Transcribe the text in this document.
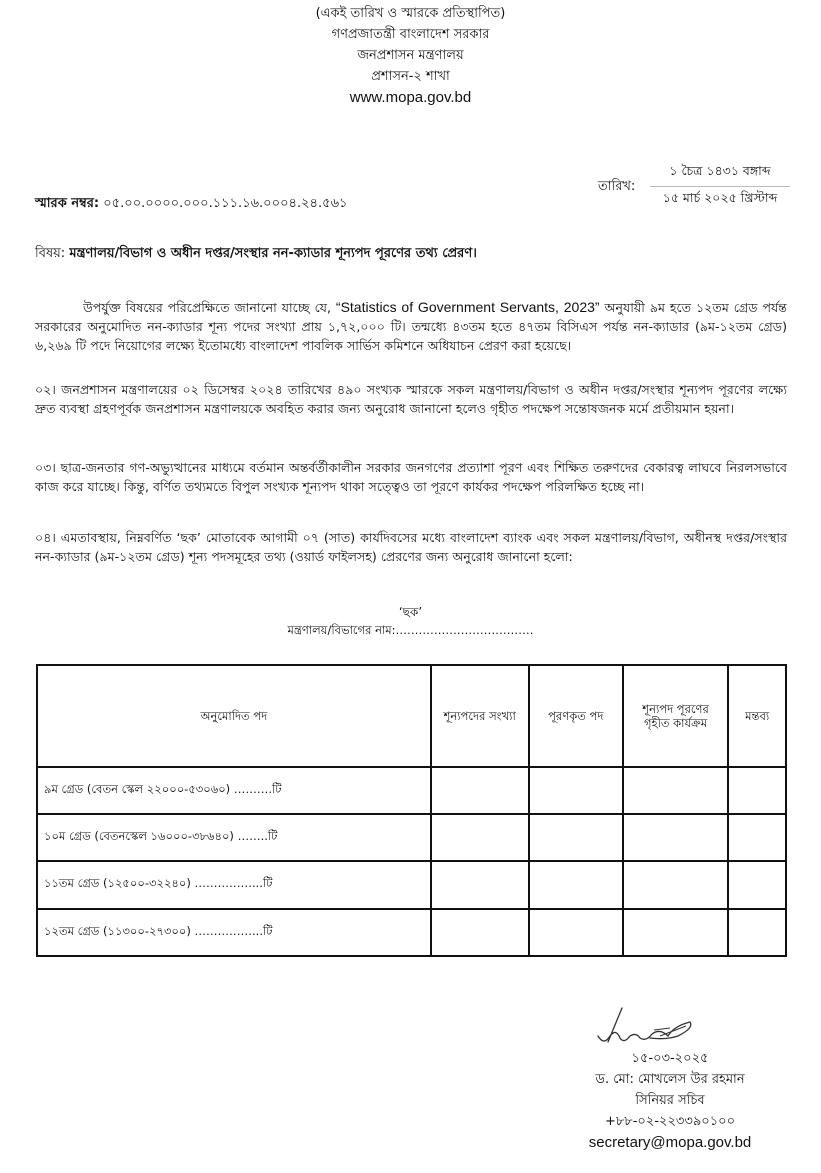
(একই তারিখ ও স্মারকে প্রতিস্থাপিত)
গণপ্রজাতন্ত্রী বাংলাদেশ সরকার
জনপ্রশাসন মন্ত্রণালয়
প্রশাসন-২ শাখা
www.mopa.gov.bd
স্মারক নম্বর: ০৫.০০.০০০০.০০০.১১১.১৬.০০০৪.২৪.৫৬১
তারিখ:
১ চৈত্র ১৪৩১ বঙ্গাব্দ
১৫ মার্চ ২০২৫ খ্রিস্টাব্দ
বিষয়: মন্ত্রণালয়/বিভাগ ও অধীন দপ্তর/সংস্থার নন-ক্যাডার শূন্যপদ পূরণের তথ্য প্রেরণ।
উপর্যুক্ত বিষয়ের পরিপ্রেক্ষিতে জানানো যাচ্ছে যে, “Statistics of Government Servants, 2023” অনুযায়ী ৯ম হতে ১২তম গ্রেড পর্যন্ত সরকারের অনুমোদিত নন-ক্যাডার শূন্য পদের সংখ্যা প্রায় ১,৭২,০০০ টি। তন্মধ্যে ৪৩তম হতে ৪৭তম বিসিএস পর্যন্ত নন-ক্যাডার (৯ম-১২তম গ্রেড) ৬,২৬৯ টি পদে নিয়োগের লক্ষ্যে ইতোমধ্যে বাংলাদেশ পাবলিক সার্ভিস কমিশনে অধিযাচন প্রেরণ করা হয়েছে।
০২। জনপ্রশাসন মন্ত্রণালয়ের ০২ ডিসেম্বর ২০২৪ তারিখের ৪৯০ সংখ্যক স্মারকে সকল মন্ত্রণালয়/বিভাগ ও অধীন দপ্তর/সংস্থার শূন্যপদ পূরণের লক্ষ্যে দ্রুত ব্যবস্থা গ্রহণপূর্বক জনপ্রশাসন মন্ত্রণালয়কে অবহিত করার জন্য অনুরোধ জানানো হলেও গৃহীত পদক্ষেপ সন্তোষজনক মর্মে প্রতীয়মান হয়না।
০৩। ছাত্র-জনতার গণ-অভ্যুত্থানের মাধ্যমে বর্তমান অন্তর্বর্তীকালীন সরকার জনগণের প্রত্যাশা পূরণ এবং শিক্ষিত তরুণদের বেকারত্ব লাঘবে নিরলসভাবে কাজ করে যাচ্ছে। কিন্তু, বর্ণিত তথ্যমতে বিপুল সংখ্যক শূন্যপদ থাকা সত্ত্বেও তা পূরণে কার্যকর পদক্ষেপ পরিলক্ষিত হচ্ছে না।
০৪। এমতাবস্থায়, নিম্নবর্ণিত ‘ছক’ মোতাবেক আগামী ০৭ (সাত) কার্যদিবসের মধ্যে বাংলাদেশ ব্যাংক এবং সকল মন্ত্রণালয়/বিভাগ, অধীনস্থ দপ্তর/সংস্থার নন-ক্যাডার (৯ম-১২তম গ্রেড) শূন্য পদসমূহের তথ্য (ওয়ার্ড ফাইলসহ) প্রেরণের জন্য অনুরোধ জানানো হলো:
‘ছক’
মন্ত্রণালয়/বিভাগের নাম:………………………………
অনুমোদিত পদ	শূন্যপদের সংখ্যা	পূরণকৃত পদ	শূন্যপদ পূরণের গৃহীত কার্যক্রম	মন্তব্য
৯ম গ্রেড (বেতন স্কেল ২২০০০-৫৩০৬০) ……….টি				
১০ম গ্রেড (বেতনস্কেল ১৬০০০-৩৮৬৪০) ……..টি				
১১তম গ্রেড (১২৫০০-৩২২৪০) ……………...টি				
১২তম গ্রেড (১১৩০০-২৭৩০০) ……………...টি				
১৫-০৩-২০২৫
ড. মো: মোখলেস উর রহমান
সিনিয়র সচিব
+৮৮-০২-২২৩৩৯০১০০
secretary@mopa.gov.bd
